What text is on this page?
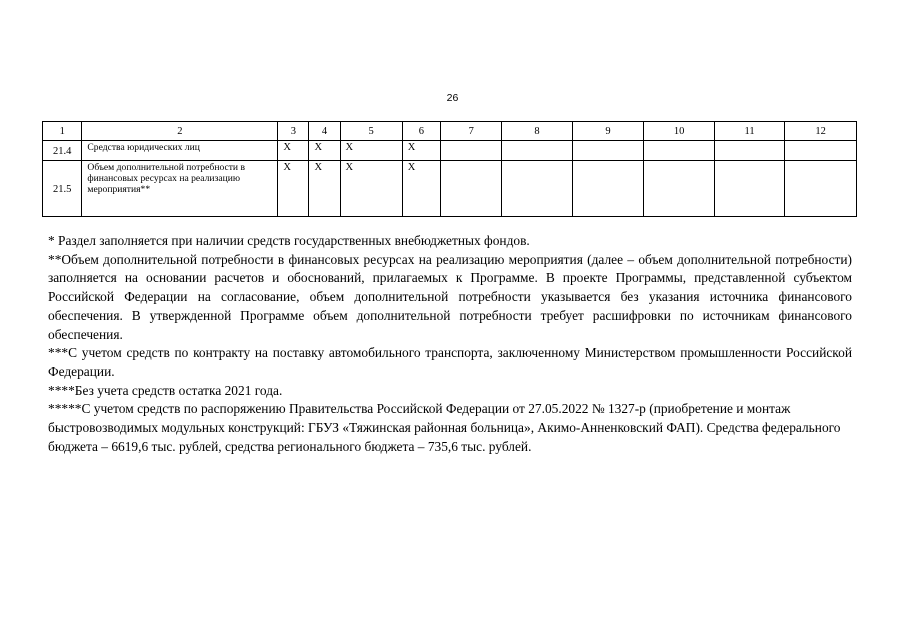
26
1	2	3	4	5	6	7	8	9	10	11	12
21.4	Средства юридических лиц	X	X	X	X						
21.5	Объем дополнительной потребности в финансовых ресурсах на реализацию мероприятия**	X	X	X	X						

* Раздел заполняется при наличии средств государственных внебюджетных фондов.

**Объем дополнительной потребности в финансовых ресурсах на реализацию мероприятия (далее – объем дополнительной потребности) заполняется на основании расчетов и обоснований, прилагаемых к Программе. В проекте Программы, представленной субъектом Российской Федерации на согласование, объем дополнительной потребности указывается без указания источника финансового обеспечения. В утвержденной Программе объем дополнительной потребности требует расшифровки по источникам финансового обеспечения.

***С учетом средств по контракту на поставку автомобильного транспорта, заключенному Министерством промышленности Российской Федерации.

****Без учета средств остатка 2021 года.

*****С учетом средств по распоряжению Правительства Российской Федерации от 27.05.2022 № 1327-р (приобретение и монтаж быстровозводимых модульных конструкций: ГБУЗ «Тяжинская районная больница», Акимо-Анненковский ФАП). Средства федерального бюджета – 6619,6 тыс. рублей, средства регионального бюджета – 735,6 тыс. рублей.
